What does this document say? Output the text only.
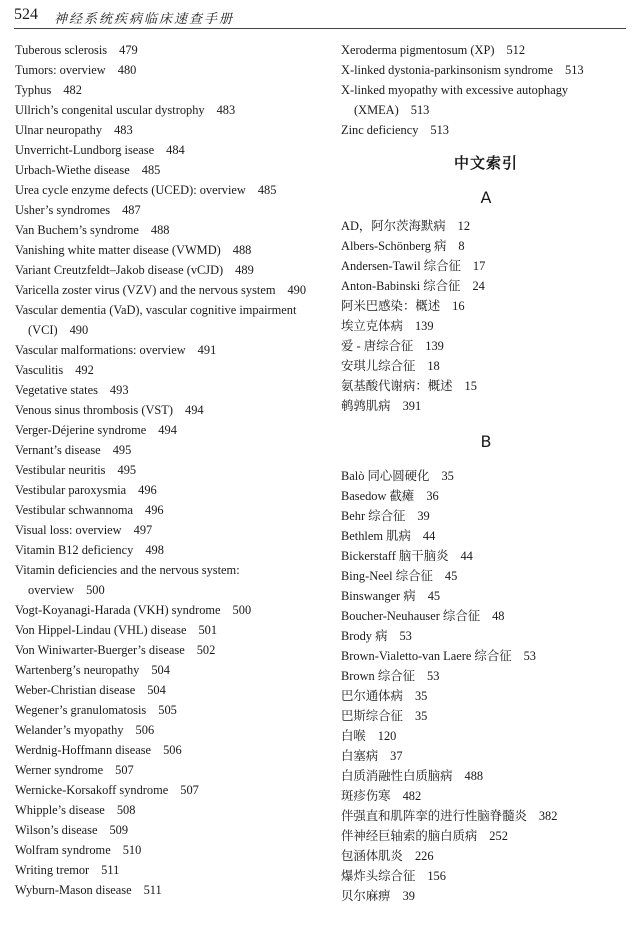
524 神经系统疾病临床速查手册
Tuberous sclerosis 479
Tumors: overview 480
Typhus 482
Ullrich’s congenital uscular dystrophy 483
Ulnar neuropathy 483
Unverricht-Lundborg isease 484
Urbach-Wiethe disease 485
Urea cycle enzyme defects (UCED): overview 485
Usher’s syndromes 487
Van Buchem’s syndrome 488
Vanishing white matter disease (VWMD) 488
Variant Creutzfeldt–Jakob disease (vCJD) 489
Varicella zoster virus (VZV) and the nervous system 490
Vascular dementia (VaD), vascular cognitive impairment (VCI) 490
Vascular malformations: overview 491
Vasculitis 492
Vegetative states 493
Venous sinus thrombosis (VST) 494
Verger-Déjerine syndrome 494
Vernant’s disease 495
Vestibular neuritis 495
Vestibular paroxysmia 496
Vestibular schwannoma 496
Visual loss: overview 497
Vitamin B12 deficiency 498
Vitamin deficiencies and the nervous system: overview 500
Vogt-Koyanagi-Harada (VKH) syndrome 500
Von Hippel-Lindau (VHL) disease 501
Von Winiwarter-Buerger’s disease 502
Wartenberg’s neuropathy 504
Weber-Christian disease 504
Wegener’s granulomatosis 505
Welander’s myopathy 506
Werdnig-Hoffmann disease 506
Werner syndrome 507
Wernicke-Korsakoff syndrome 507
Whipple’s disease 508
Wilson’s disease 509
Wolfram syndrome 510
Writing tremor 511
Wyburn-Mason disease 511
Xeroderma pigmentosum (XP) 512
X-linked dystonia-parkinsonism syndrome 513
X-linked myopathy with excessive autophagy (XMEA) 513
Zinc deficiency 513
中文索引
A
AD，阿尔茨海默病 12
Albers-Schönberg 病 8
Andersen-Tawil 综合征 17
Anton-Babinski 综合征 24
阿米巴感染：概述 16
埃立克体病 139
爱 - 唐综合征 139
安琪儿综合征 18
氨基酸代谢病：概述 15
鹌鹑肌病 391
B
Balò 同心圆硬化 35
Basedow 截瘫 36
Behr 综合征 39
Bethlem 肌病 44
Bickerstaff 脑干脑炎 44
Bing-Neel 综合征 45
Binswanger 病 45
Boucher-Neuhauser 综合征 48
Brody 病 53
Brown-Vialetto-van Laere 综合征 53
Brown 综合征 53
巴尔通体病 35
巴斯综合征 35
白喉 120
白塞病 37
白质消融性白质脑病 488
斑疹伤寒 482
伴强直和肌阵挛的进行性脑脊髓炎 382
伴神经巨轴索的脑白质病 252
包涵体肌炎 226
爆炸头综合征 156
贝尔麻痹 39
